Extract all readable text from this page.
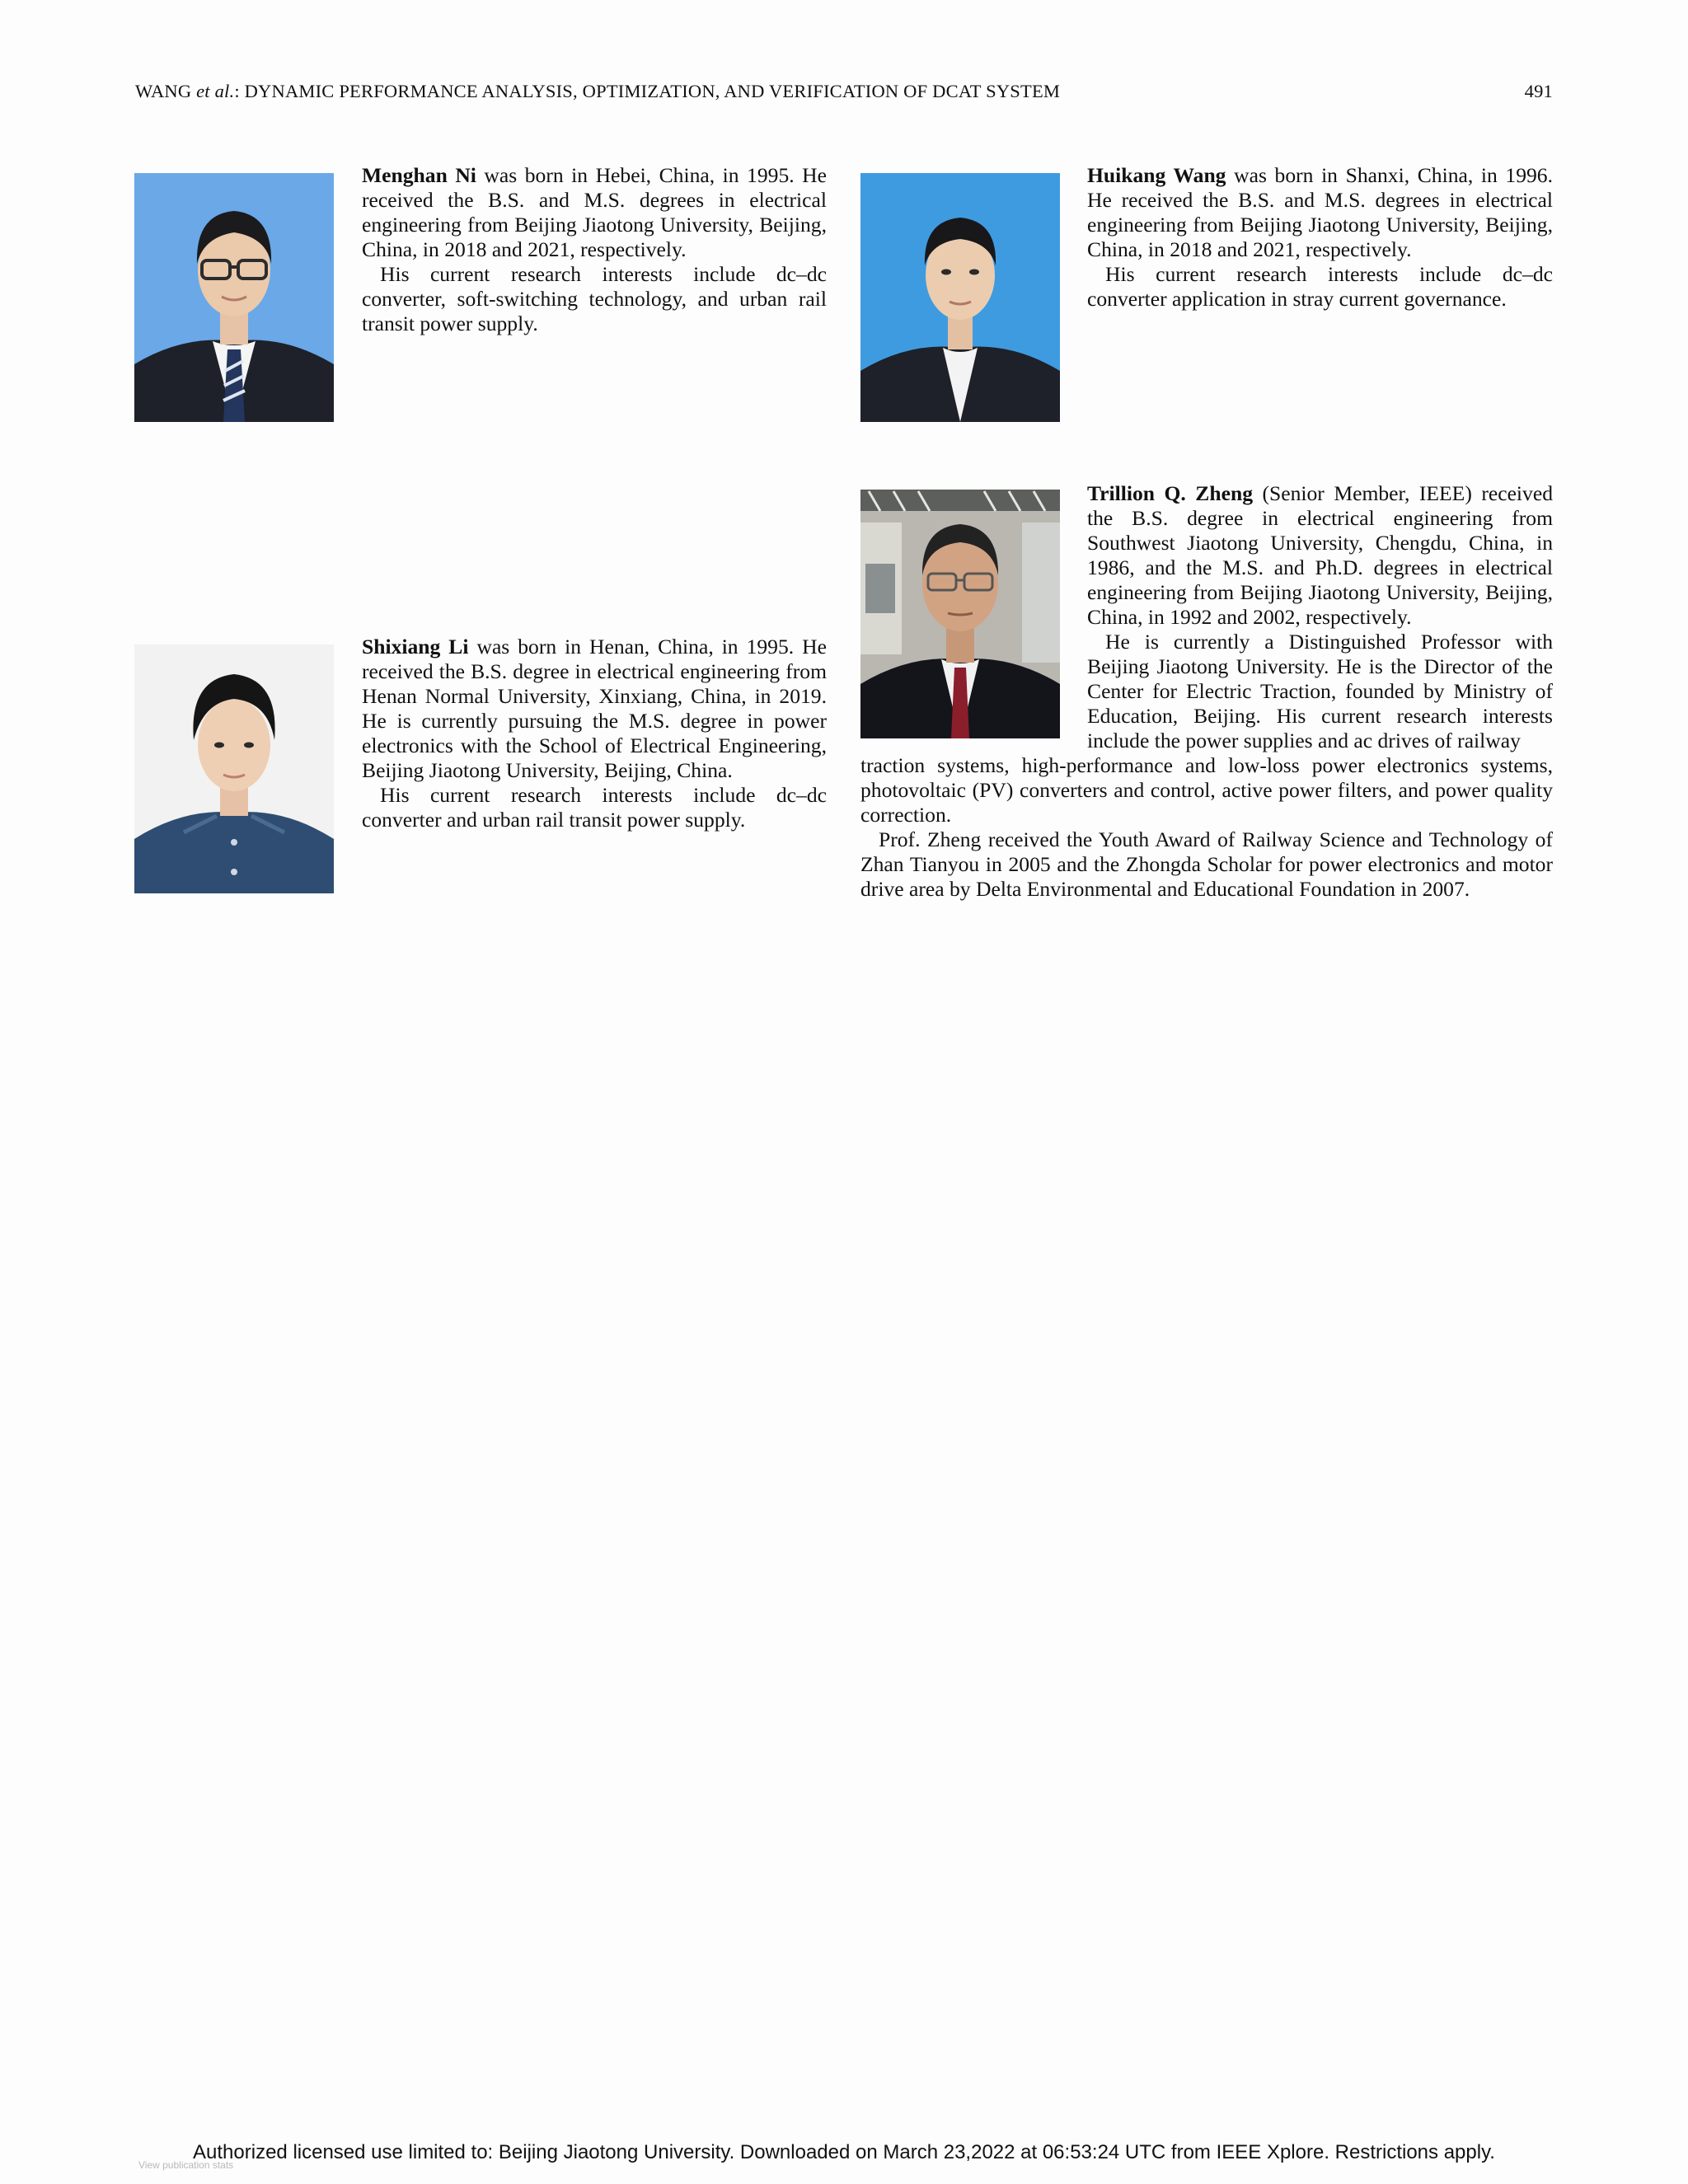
WANG et al.: DYNAMIC PERFORMANCE ANALYSIS, OPTIMIZATION, AND VERIFICATION OF DCAT SYSTEM	491

Menghan Ni was born in Hebei, China, in 1995. He received the B.S. and M.S. degrees in electrical engineering from Beijing Jiaotong University, Beijing, China, in 2018 and 2021, respectively.

His current research interests include dc–dc converter, soft-switching technology, and urban rail transit power supply.

Huikang Wang was born in Shanxi, China, in 1996. He received the B.S. and M.S. degrees in electrical engineering from Beijing Jiaotong University, Beijing, China, in 2018 and 2021, respectively.

His current research interests include dc–dc converter application in stray current governance.

Trillion Q. Zheng (Senior Member, IEEE) received the B.S. degree in electrical engineering from Southwest Jiaotong University, Chengdu, China, in 1986, and the M.S. and Ph.D. degrees in electrical engineering from Beijing Jiaotong University, Beijing, China, in 1992 and 2002, respectively.

He is currently a Distinguished Professor with Beijing Jiaotong University. He is the Director of the Center for Electric Traction, founded by Ministry of Education, Beijing. His current research interests include the power supplies and ac drives of railway

traction systems, high-performance and low-loss power electronics systems, photovoltaic (PV) converters and control, active power filters, and power quality correction.

Prof. Zheng received the Youth Award of Railway Science and Technology of Zhan Tianyou in 2005 and the Zhongda Scholar for power electronics and motor drive area by Delta Environmental and Educational Foundation in 2007.

Shixiang Li was born in Henan, China, in 1995. He received the B.S. degree in electrical engineering from Henan Normal University, Xinxiang, China, in 2019. He is currently pursuing the M.S. degree in power electronics with the School of Electrical Engineering, Beijing Jiaotong University, Beijing, China.

His current research interests include dc–dc converter and urban rail transit power supply.

Authorized licensed use limited to: Beijing Jiaotong University. Downloaded on March 23,2022 at 06:53:24 UTC from IEEE Xplore. Restrictions apply.
View publication stats
